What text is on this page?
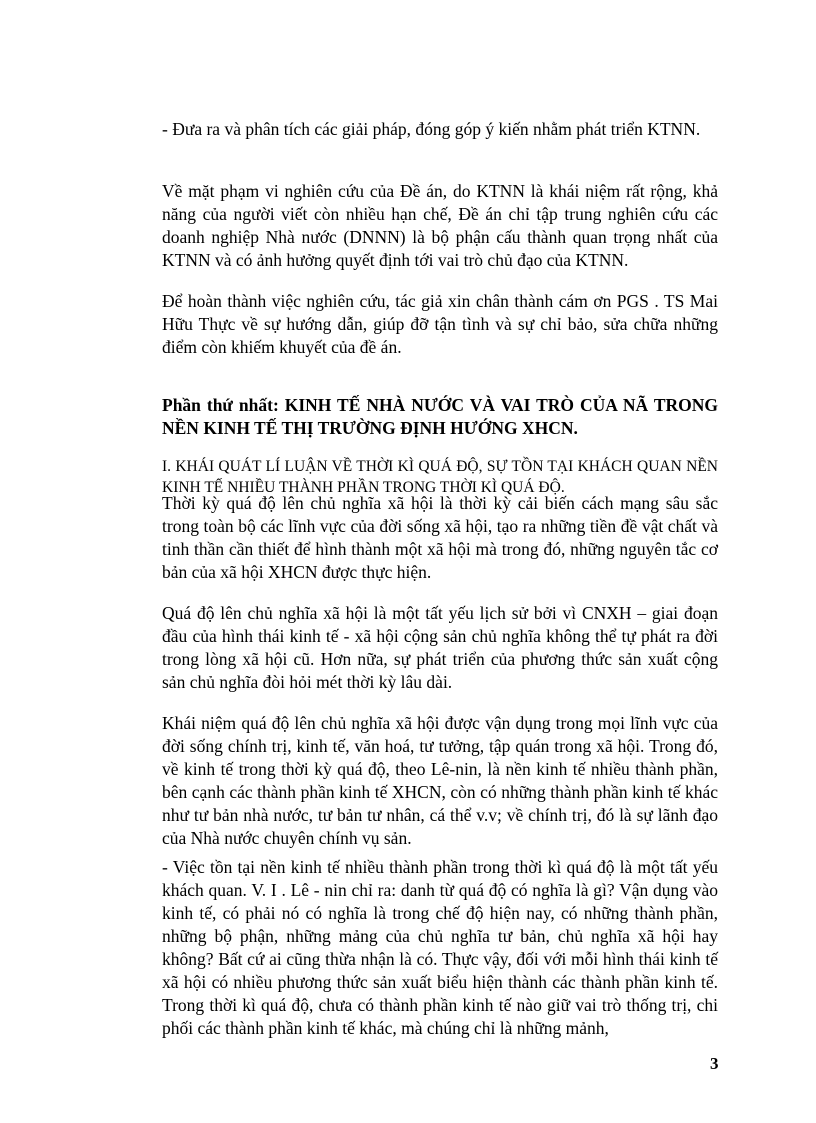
- Đưa ra và phân tích các giải pháp, đóng góp ý kiến nhằm phát triển KTNN.

Về mặt phạm vi nghiên cứu của Đề án, do KTNN là khái niệm rất rộng, khả năng của người viết còn nhiều hạn chế, Đề án chỉ tập trung nghiên cứu các doanh nghiệp Nhà nước (DNNN) là bộ phận cấu thành quan trọng nhất của KTNN và có ảnh hưởng quyết định tới vai trò chủ đạo của KTNN.

Để hoàn thành việc nghiên cứu, tác giả xin chân thành cám ơn PGS . TS Mai Hữu Thực về sự hướng dẫn, giúp đỡ tận tình và sự chỉ bảo, sửa chữa những điểm còn khiếm khuyết của đề án.

Phần thứ nhất: KINH TẾ NHÀ NƯỚC VÀ VAI TRÒ CỦA NÃ TRONG NỀN KINH TẾ THỊ TRƯỜNG ĐỊNH HƯỚNG XHCN.

I. KHÁI QUÁT LÍ LUẬN VỀ THỜI KÌ QUÁ ĐỘ, SỰ TỒN TẠI KHÁCH QUAN NỀN KINH TẾ NHIỀU THÀNH PHẦN TRONG THỜI KÌ QUÁ ĐỘ.

Thời kỳ quá độ lên chủ nghĩa xã hội là thời kỳ cải biến cách mạng sâu sắc trong toàn bộ các lĩnh vực của đời sống xã hội, tạo ra những tiền đề vật chất và tinh thần cần thiết để hình thành một xã hội mà trong đó, những nguyên tắc cơ bản của xã hội XHCN được thực hiện.

Quá độ lên chủ nghĩa xã hội là một tất yếu lịch sử bởi vì CNXH – giai đoạn đầu của hình thái kinh tế - xã hội cộng sản chủ nghĩa không thể tự phát ra đời trong lòng xã hội cũ. Hơn nữa, sự phát triển của phương thức sản xuất cộng sản chủ nghĩa đòi hỏi mét thời kỳ lâu dài.

Khái niệm quá độ lên chủ nghĩa xã hội được vận dụng trong mọi lĩnh vực của đời sống chính trị, kinh tế, văn hoá, tư tưởng, tập quán trong xã hội. Trong đó, về kinh tế trong thời kỳ quá độ, theo Lê-nin, là nền kinh tế nhiều thành phần, bên cạnh các thành phần kinh tế XHCN, còn có những thành phần kinh tế khác như tư bản nhà nước, tư bản tư nhân, cá thể v.v; về chính trị, đó là sự lãnh đạo của Nhà nước chuyên chính vụ sản.

- Việc tồn tại nền kinh tế nhiều thành phần trong thời kì quá độ là một tất yếu khách quan. V. I . Lê - nin chỉ ra: danh từ quá độ có nghĩa là gì? Vận dụng vào kinh tế, có phải nó có nghĩa là trong chế độ hiện nay, có những thành phần, những bộ phận, những mảng của chủ nghĩa tư bản, chủ nghĩa xã hội hay không? Bất cứ ai cũng thừa nhận là có. Thực vậy, đối với mỗi hình thái kinh tế xã hội có nhiều phương thức sản xuất biểu hiện thành các thành phần kinh tế. Trong thời kì quá độ, chưa có thành phần kinh tế nào giữ vai trò thống trị, chi phối các thành phần kinh tế khác, mà chúng chỉ là những mảnh,

3
